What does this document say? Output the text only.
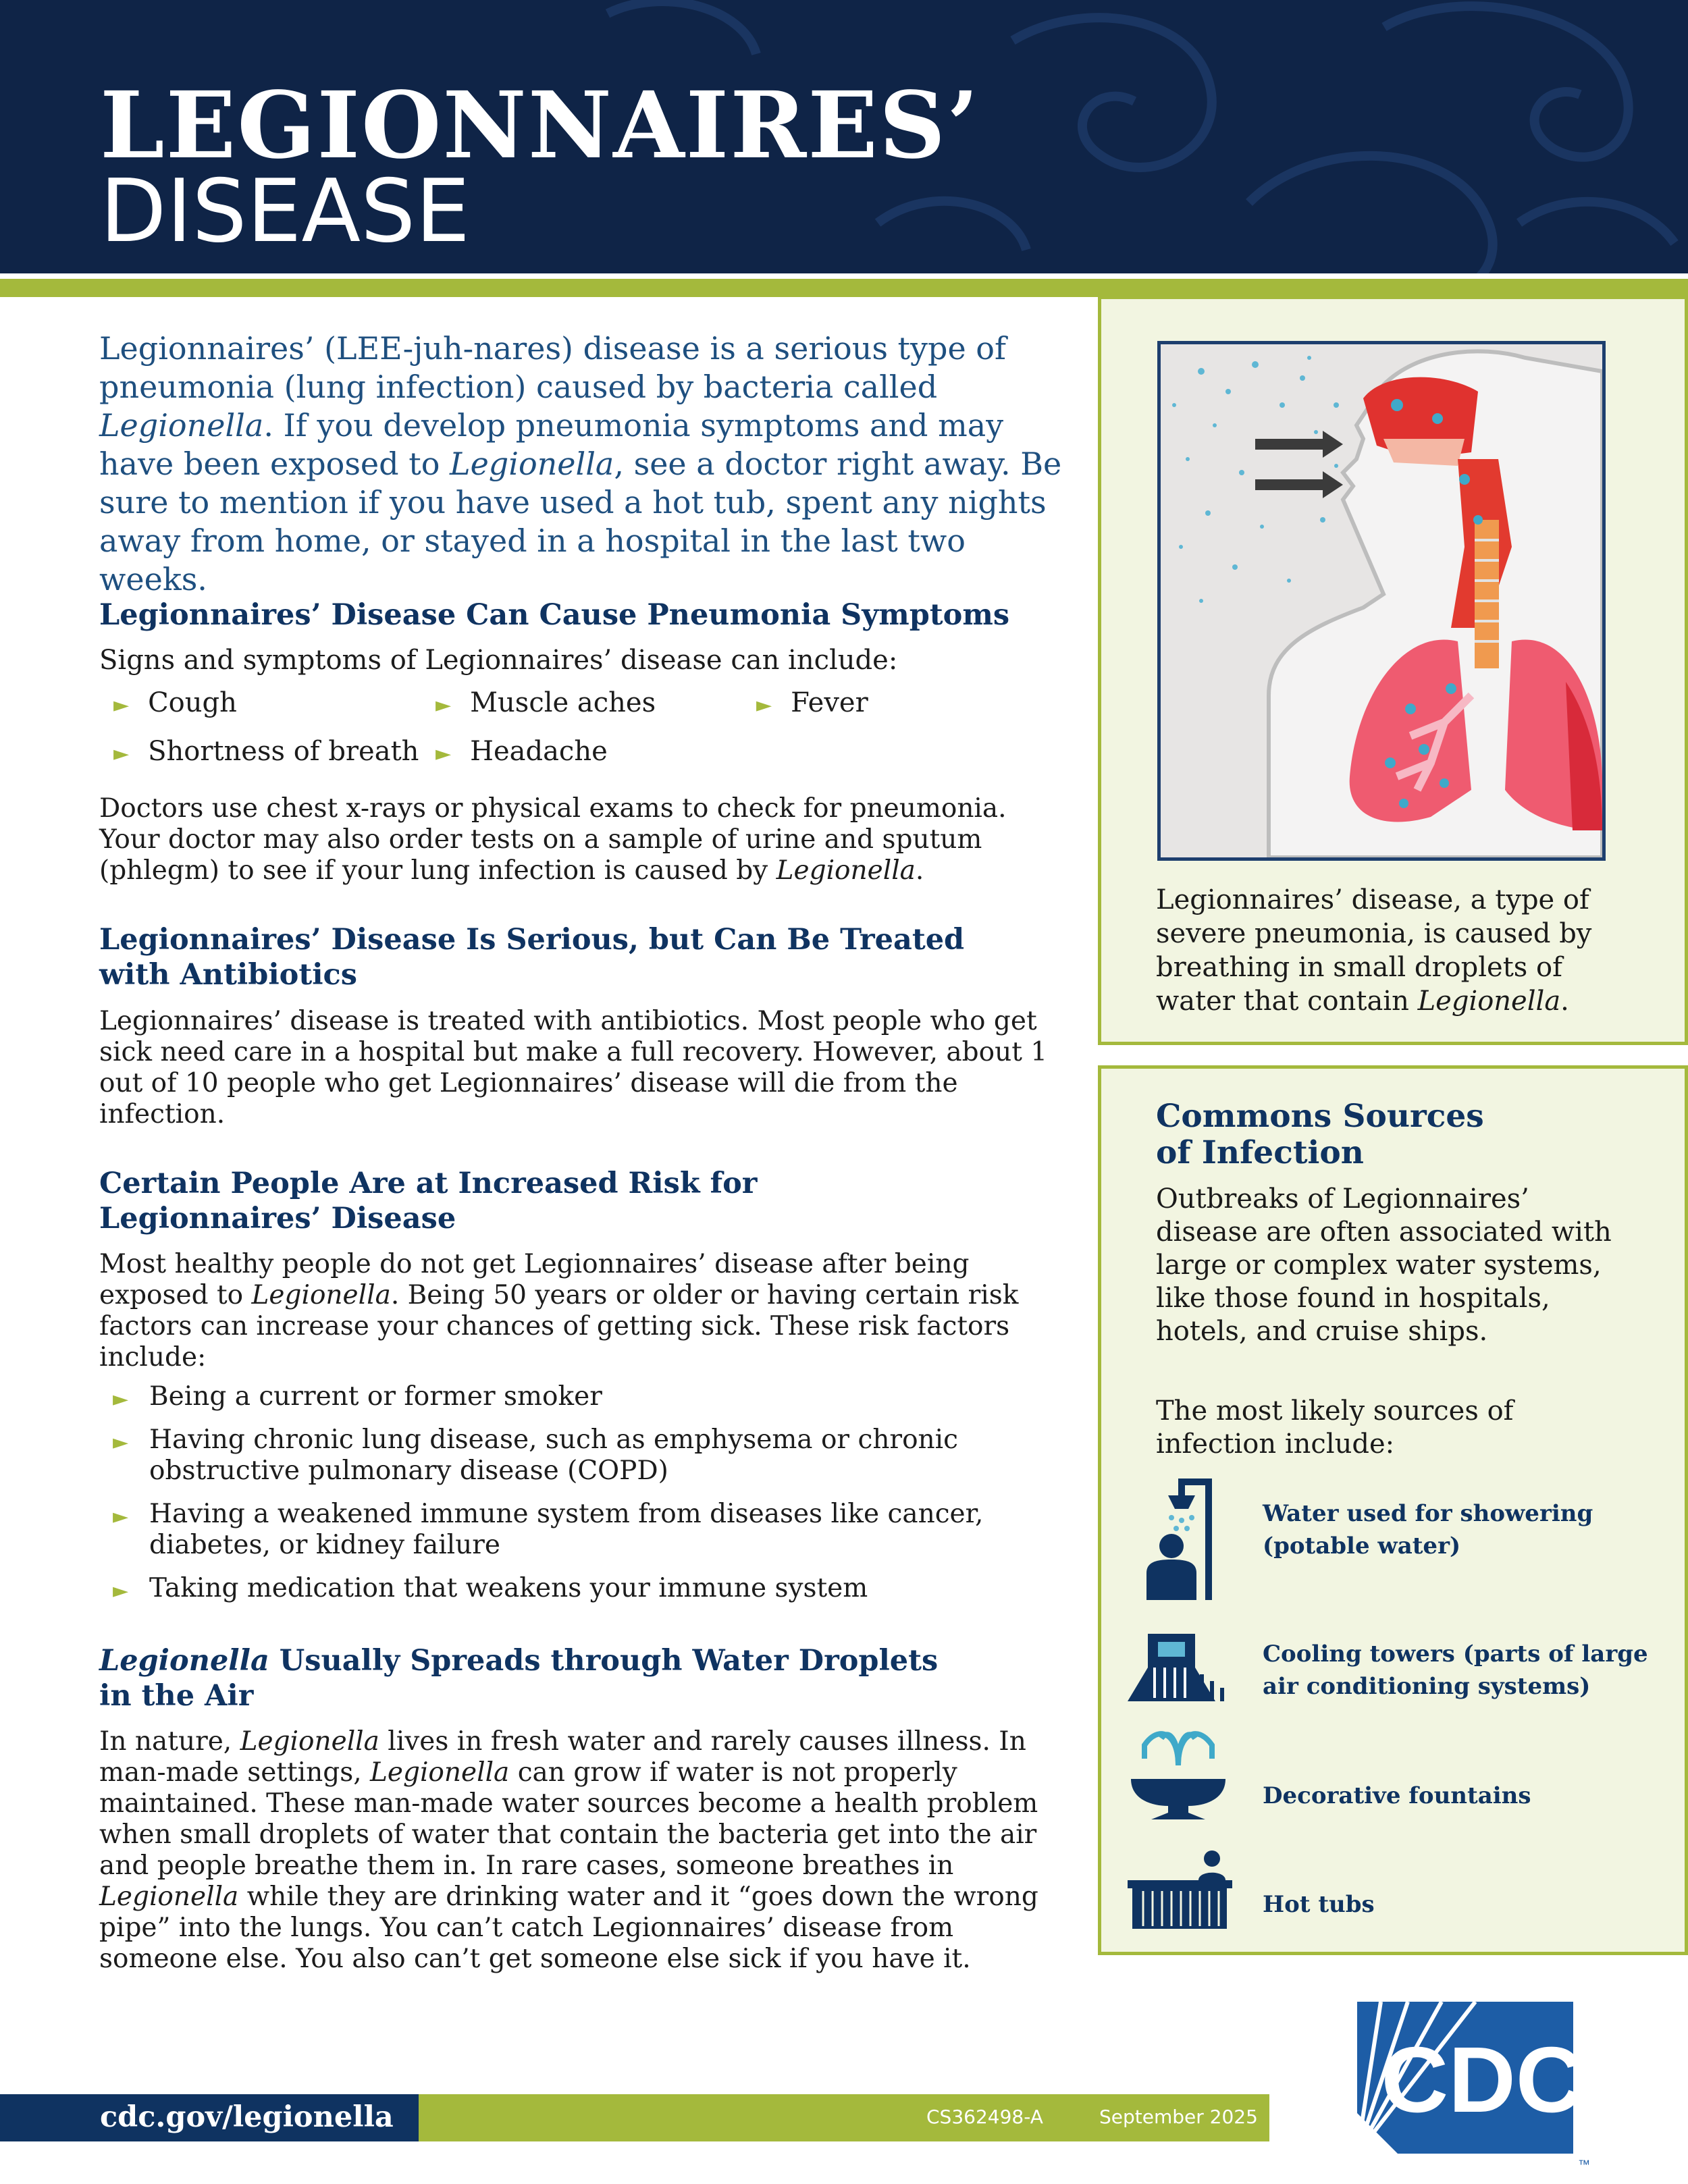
LEGIONNAIRES’
DISEASE

Legionnaires’ (LEE-juh-nares) disease is a serious type of pneumonia (lung infection) caused by bacteria called Legionella. If you develop pneumonia symptoms and may have been exposed to Legionella, see a doctor right away. Be sure to mention if you have used a hot tub, spent any nights away from home, or stayed in a hospital in the last two weeks.

Legionnaires’ Disease Can Cause Pneumonia Symptoms
Signs and symptoms of Legionnaires’ disease can include:
► Cough	► Muscle aches	► Fever
► Shortness of breath ► Headache
Doctors use chest x-rays or physical exams to check for pneumonia. Your doctor may also order tests on a sample of urine and sputum (phlegm) to see if your lung infection is caused by Legionella.
Legionnaires’ Disease Is Serious, but Can Be Treated
with Antibiotics
Legionnaires’ disease is treated with antibiotics. Most people who get sick need care in a hospital but make a full recovery. However, about 1 out of 10 people who get Legionnaires’ disease will die from the infection.
Certain People Are at Increased Risk for
Legionnaires’ Disease
Most healthy people do not get Legionnaires’ disease after being exposed to Legionella. Being 50 years or older or having certain risk factors can increase your chances of getting sick. These risk factors include:
► Being a current or former smoker
► Having chronic lung disease, such as emphysema or chronic obstructive pulmonary disease (COPD)
► Having a weakened immune system from diseases like cancer, diabetes, or kidney failure
► Taking medication that weakens your immune system
Legionella Usually Spreads through Water Droplets
in the Air
In nature, Legionella lives in fresh water and rarely causes illness. In man-made settings, Legionella can grow if water is not properly maintained. These man-made water sources become a health problem when small droplets of water that contain the bacteria get into the air and people breathe them in. In rare cases, someone breathes in Legionella while they are drinking water and it “goes down the wrong pipe” into the lungs. You can’t catch Legionnaires’ disease from someone else. You also can’t get someone else sick if you have it.
Legionnaires’ disease, a type of severe pneumonia, is caused by breathing in small droplets of water that contain Legionella.
Commons Sources
of Infection
Outbreaks of Legionnaires’ disease are often associated with large or complex water systems, like those found in hospitals, hotels, and cruise ships.
The most likely sources of infection include:
Water used for showering
(potable water)
Cooling towers (parts of large
air conditioning systems)
Decorative fountains
Hot tubs
cdc.gov/legionella	CS362498-A	September 2025 CDC
™
